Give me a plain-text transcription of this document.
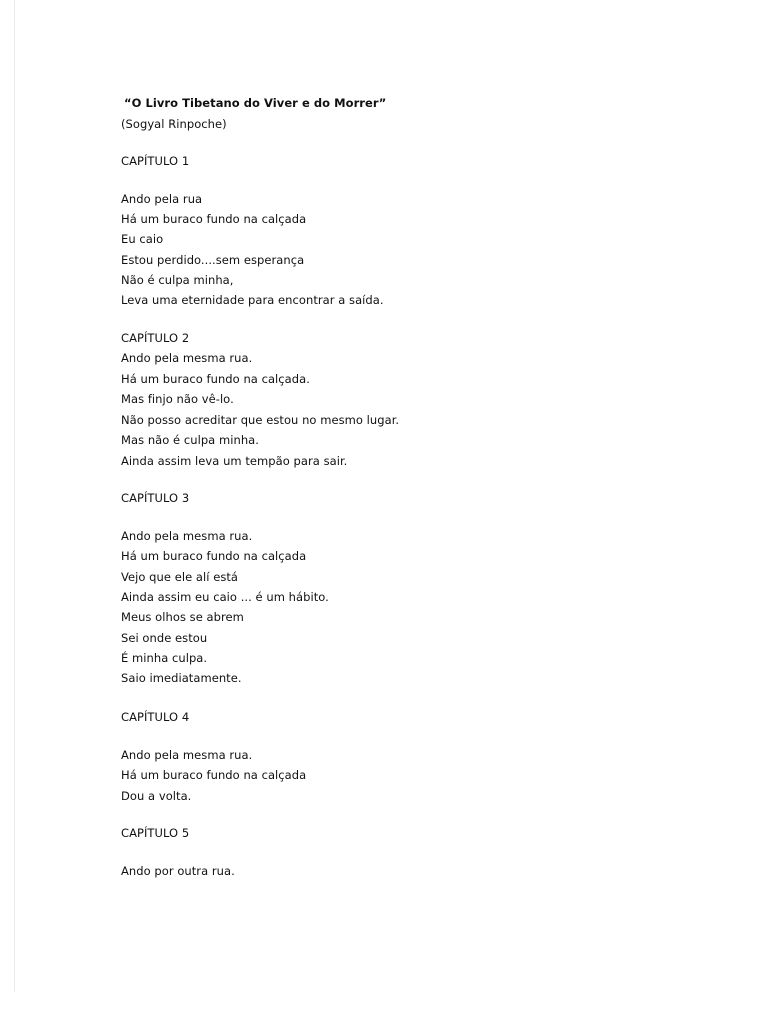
“O Livro Tibetano do Viver e do Morrer”

(Sogyal Rinpoche)

CAPÍTULO 1

Ando pela rua

Há um buraco fundo na calçada

Eu caio

Estou perdido....sem esperança

Não é culpa minha,

Leva uma eternidade para encontrar a saída.

CAPÍTULO 2

Ando pela mesma rua.

Há um buraco fundo na calçada.

Mas finjo não vê-lo.

Não posso acreditar que estou no mesmo lugar.

Mas não é culpa minha.

Ainda assim leva um tempão para sair.

CAPÍTULO 3

Ando pela mesma rua.

Há um buraco fundo na calçada

Vejo que ele alí está

Ainda assim eu caio ... é um hábito.

Meus olhos se abrem

Sei onde estou

É minha culpa.

Saio imediatamente.

CAPÍTULO 4

Ando pela mesma rua.

Há um buraco fundo na calçada

Dou a volta.

CAPÍTULO 5

Ando por outra rua.
